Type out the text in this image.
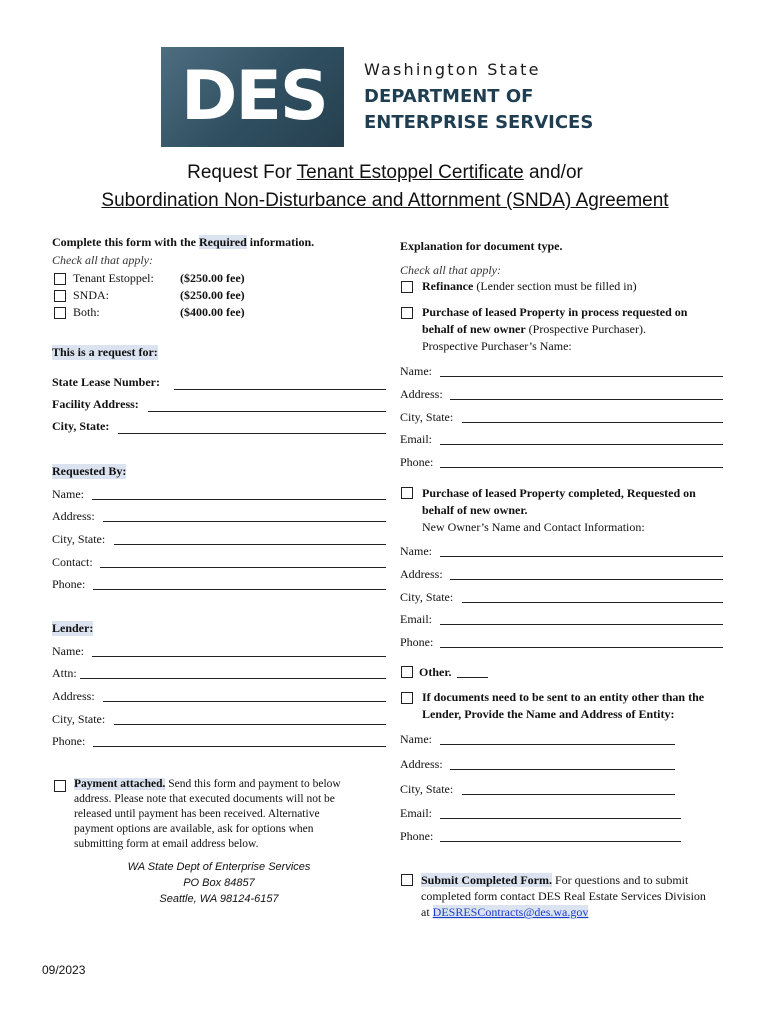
DES Washington State
DEPARTMENT OF
ENTERPRISE SERVICES
Request For Tenant Estoppel Certificate and/or
Subordination Non-Disturbance and Attornment (SNDA) Agreement
Complete this form with the Required information.
Check all that apply:
Tenant Estoppel: ($250.00 fee)
SNDA:	($250.00 fee)
Both:	($400.00 fee)
This is a request for:
State Lease Number:
Facility Address:
City, State:
Requested By:
Name:
Address:
City, State:
Contact:
Phone:
Lender:
Name:
Attn:
Address:
City, State:
Phone:
Payment attached. Send this form and payment to below
address. Please note that executed documents will not be
released until payment has been received. Alternative
payment options are available, ask for options when
submitting form at email address below.
WA State Dept of Enterprise Services
PO Box 84857
Seattle, WA 98124-6157
Explanation for document type.
Check all that apply:
Refinance (Lender section must be filled in)
Purchase of leased Property in process requested on
behalf of new owner (Prospective Purchaser).
Prospective Purchaser’s Name:
Name:
Address:
City, State:
Email:
Phone:
Purchase of leased Property completed, Requested on
behalf of new owner.
New Owner’s Name and Contact Information:
Name:
Address:
City, State:
Email:
Phone:
Other.
If documents need to be sent to an entity other than the
Lender, Provide the Name and Address of Entity:
Name:
Address:
City, State:
Email:
Phone:
Submit Completed Form. For questions and to submit
completed form contact DES Real Estate Services Division
at DESRESContracts@des.wa.gov
09/2023
